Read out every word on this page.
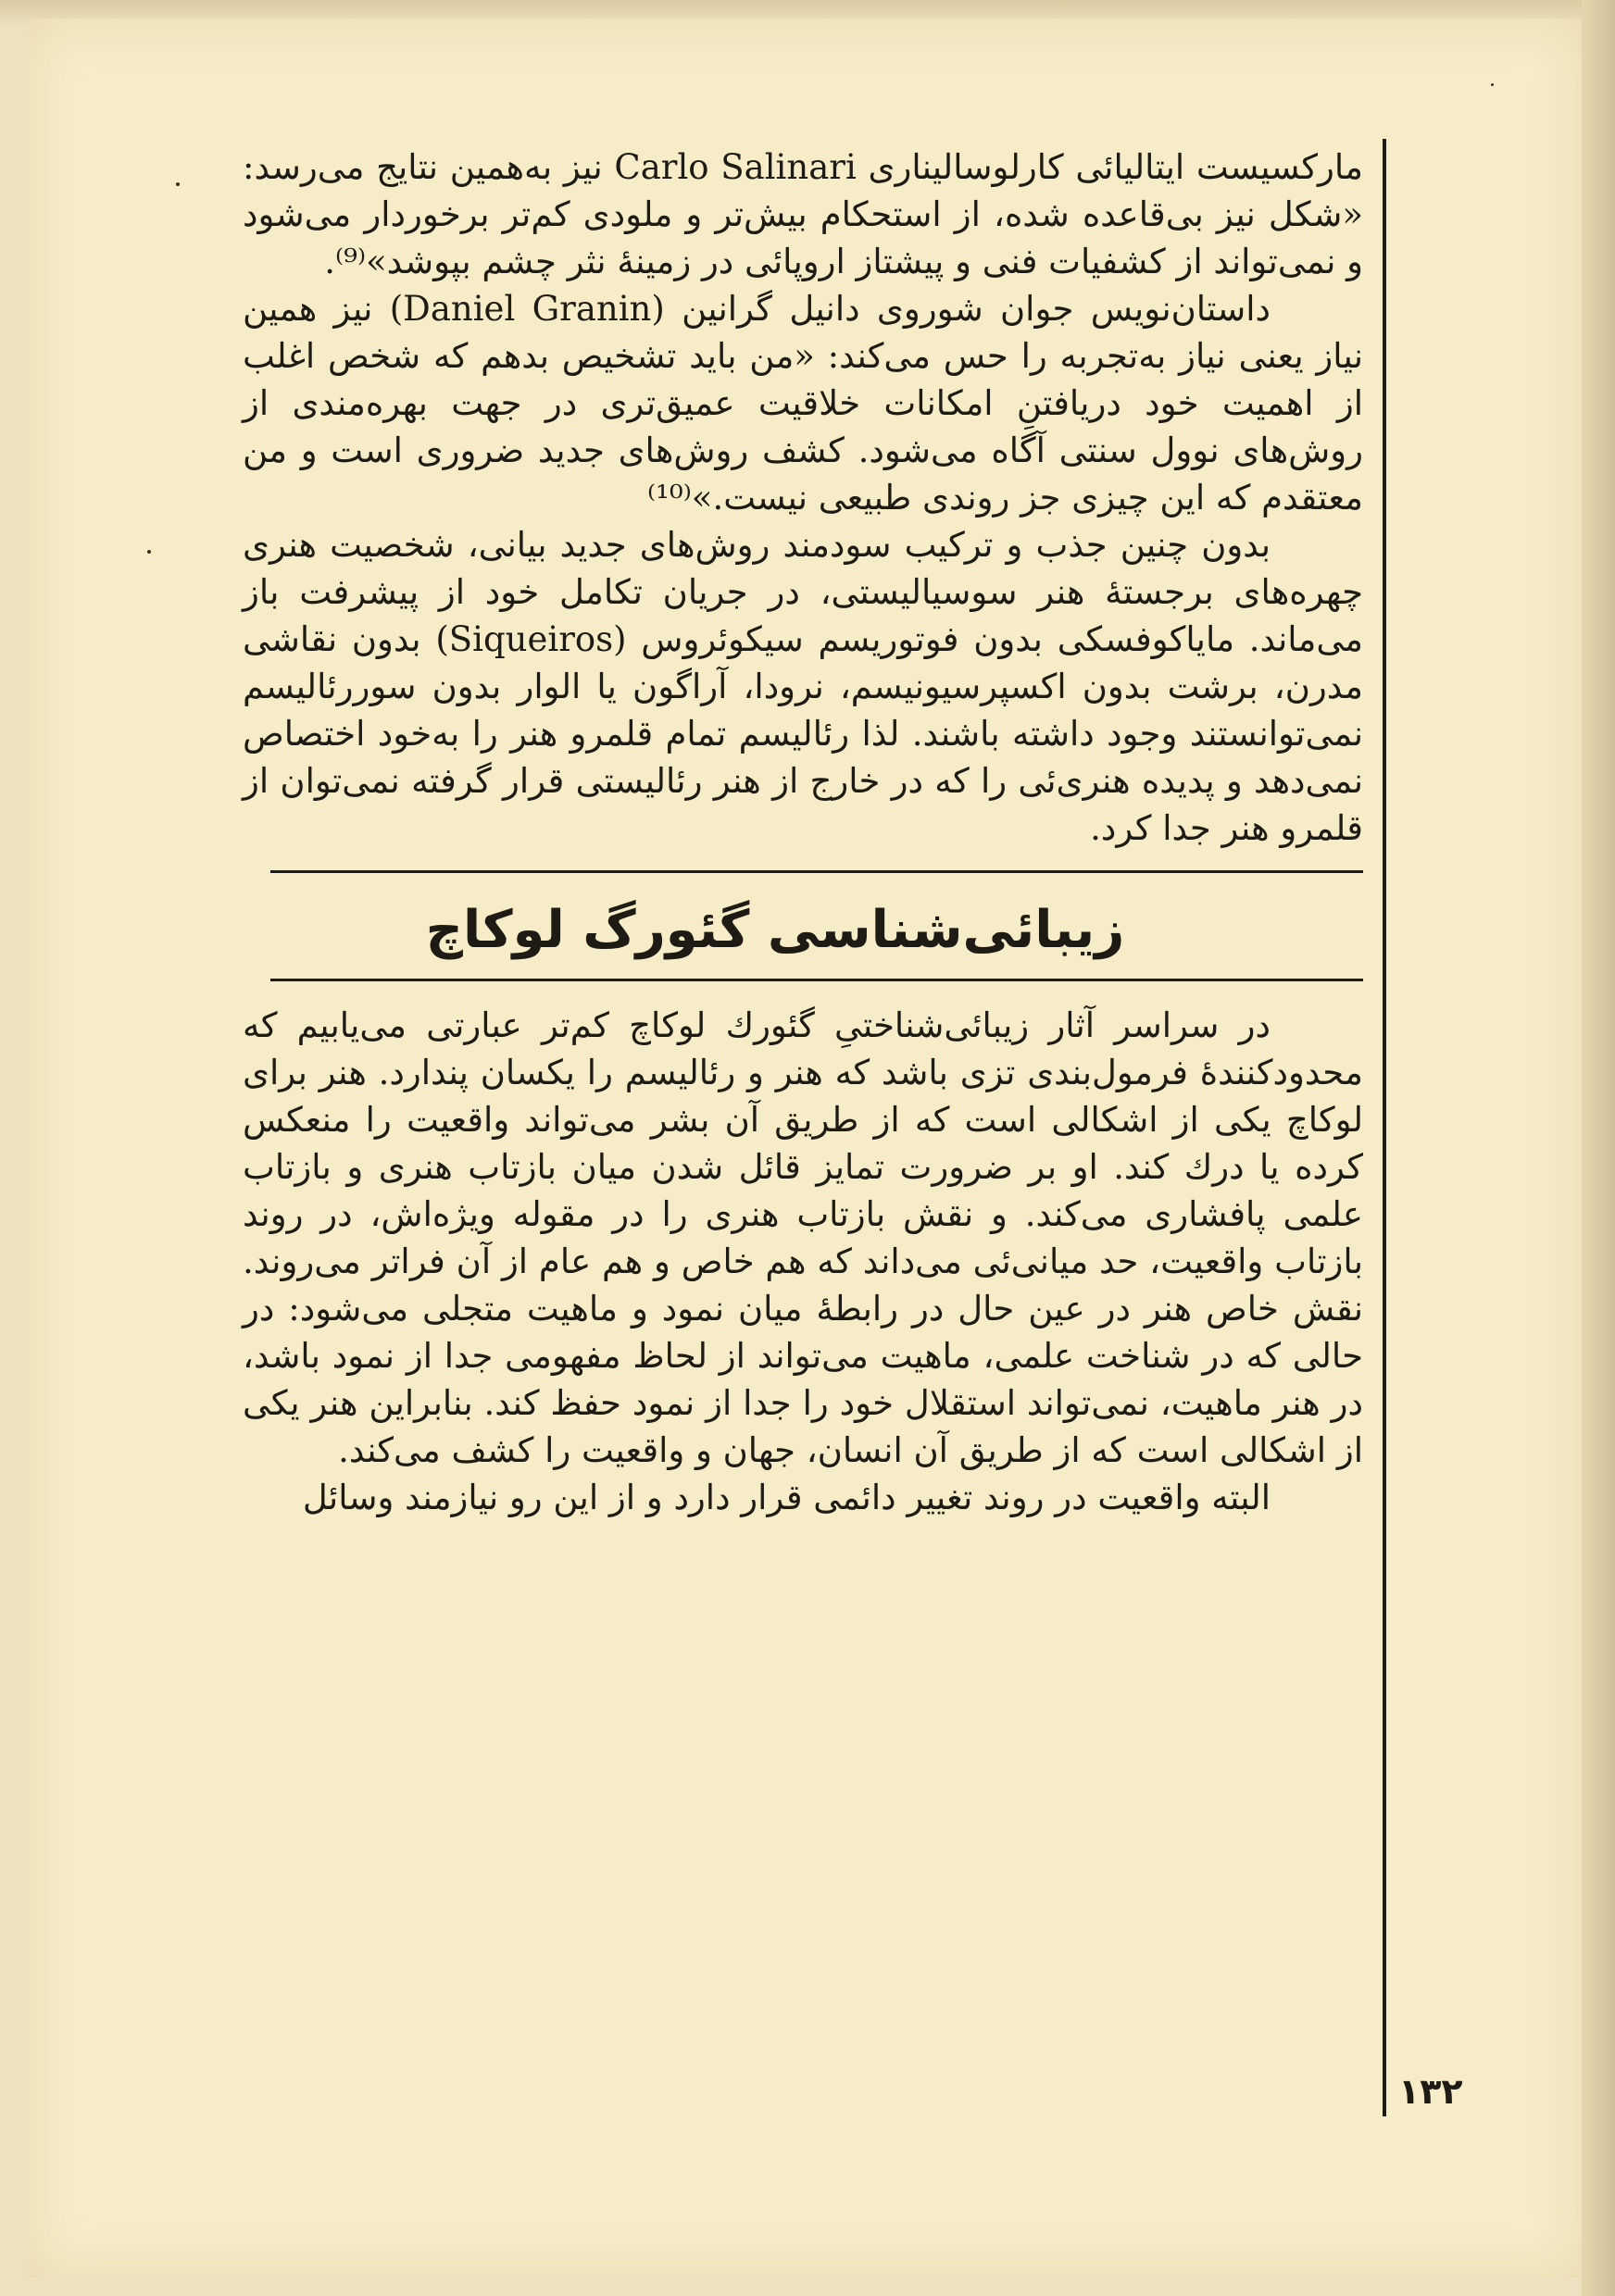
مارکسیست ایتالیائی کارلوسالیناری Carlo Salinari نیز به‌همین نتایج می‌رسد: «شکل نیز بی‌قاعده شده، از استحکام بیش‌تر و ملودی کم‌تر برخوردار می‌شود و نمی‌تواند از کشفیات فنی و پیشتاز اروپائی در زمینهٔ نثر چشم بپوشد»⁽⁹⁾.

داستان‌نویس جوان شوروی دانیل گرانین (Daniel Granin) نیز همین نیاز یعنی نیاز به‌تجربه را حس می‌کند: «من باید تشخیص بدهم که شخص اغلب از اهمیت خود دریافتنِ امکانات خلاقیت عمیق‌تری در جهت بهره‌مندی از روش‌های نوول سنتی آگاه می‌شود. کشف روش‌های جدید ضروری است و من معتقدم که این چیزی جز روندی طبیعی نیست.»⁽¹⁰⁾

بدون چنین جذب و ترکیب سودمند روش‌های جدید بیانی، شخصیت هنری چهره‌های برجستهٔ هنر سوسیالیستی، در جریان تکامل خود از پیشرفت باز می‌ماند. مایاکوفسکی بدون فوتوریسم سیکوئروس (Siqueiros) بدون نقاشی مدرن، برشت بدون اکسپرسیونیسم، نرودا، آراگون یا الوار بدون سوررئالیسم نمی‌توانستند وجود داشته باشند. لذا رئالیسم تمام قلمرو هنر را به‌خود اختصاص نمی‌دهد و پدیده هنری‌ئی را که در خارج از هنر رئالیستی قرار گرفته نمی‌توان از قلمرو هنر جدا کرد.

زیبائی‌شناسی گئورگ لوکاچ

در سراسر آثار زیبائی‌شناختیِ گئورك لوکاچ کم‌تر عبارتی می‌یابیم که محدودکنندهٔ فرمول‌بندی تزی باشد که هنر و رئالیسم را یکسان پندارد. هنر برای لوکاچ یکی از اشکالی است که از طریق آن بشر می‌تواند واقعیت را منعکس کرده یا درك کند. او بر ضرورت تمایز قائل شدن میان بازتاب هنری و بازتاب علمی پافشاری می‌کند. و نقش بازتاب هنری را در مقوله ویژه‌اش، در روند بازتاب واقعیت، حد میانی‌ئی می‌داند که هم خاص و هم عام از آن فراتر می‌روند. نقش خاص هنر در عین حال در رابطهٔ میان نمود و ماهیت متجلی می‌شود: در حالی که در شناخت علمی، ماهیت می‌تواند از لحاظ مفهومی جدا از نمود باشد، در هنر ماهیت، نمی‌تواند استقلال خود را جدا از نمود حفظ کند. بنابراین هنر یکی از اشکالی است که از طریق آن انسان، جهان و واقعیت را کشف می‌کند.

البته واقعیت در روند تغییر دائمی قرار دارد و از این رو نیازمند وسائل

۱۳۲
